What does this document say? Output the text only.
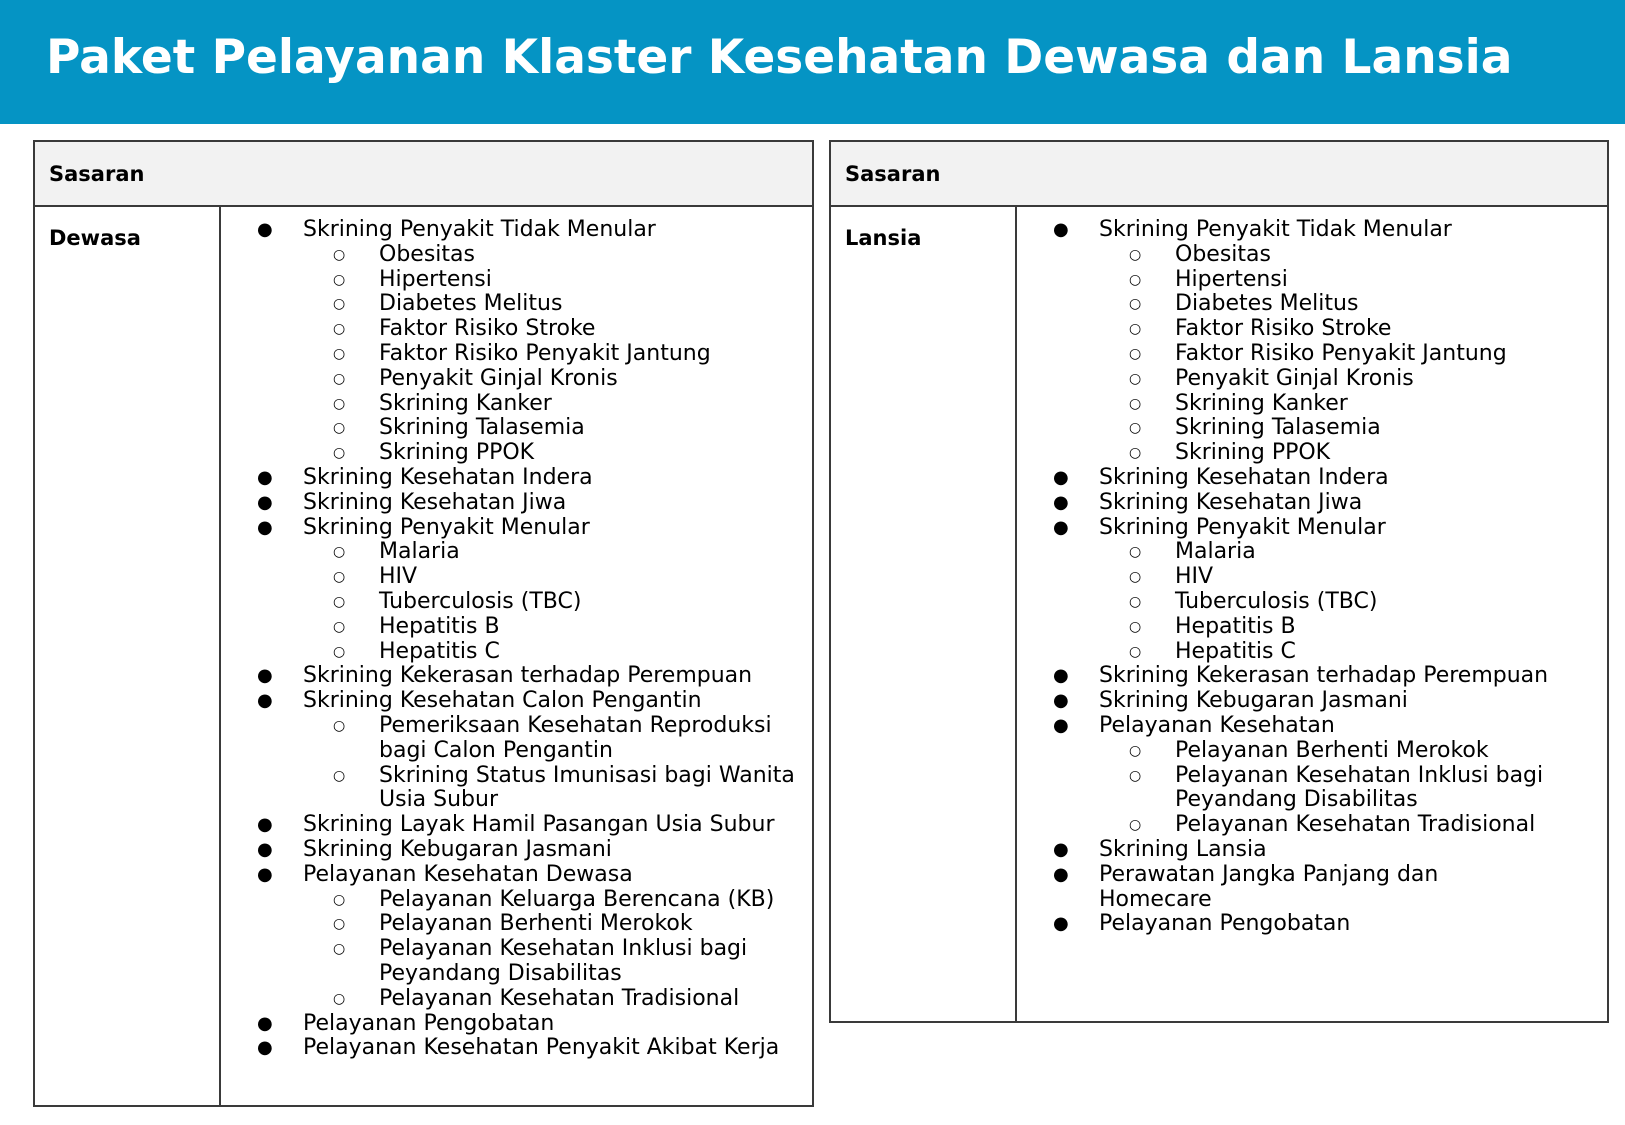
Paket Pelayanan Klaster Kesehatan Dewasa dan Lansia
Sasaran
Dewasa	● Skrining Penyakit Tidak Menular
○ Obesitas
○ Hipertensi
○ Diabetes Melitus
○ Faktor Risiko Stroke
○ Faktor Risiko Penyakit Jantung
○ Penyakit Ginjal Kronis
○ Skrining Kanker
○ Skrining Talasemia
○ Skrining PPOK
● Skrining Kesehatan Indera
● Skrining Kesehatan Jiwa
● Skrining Penyakit Menular
○ Malaria
○ HIV
○ Tuberculosis (TBC)
○ Hepatitis B
○ Hepatitis C
● Skrining Kekerasan terhadap Perempuan
● Skrining Kesehatan Calon Pengantin
○ Pemeriksaan Kesehatan Reproduksi bagi Calon Pengantin
○ Skrining Status Imunisasi bagi Wanita Usia Subur
● Skrining Layak Hamil Pasangan Usia Subur
● Skrining Kebugaran Jasmani
● Pelayanan Kesehatan Dewasa
○ Pelayanan Keluarga Berencana (KB)
○ Pelayanan Berhenti Merokok
○ Pelayanan Kesehatan Inklusi bagi Peyandang Disabilitas
○ Pelayanan Kesehatan Tradisional
● Pelayanan Pengobatan
● Pelayanan Kesehatan Penyakit Akibat Kerja
Sasaran
Lansia	● Skrining Penyakit Tidak Menular
○ Obesitas
○ Hipertensi
○ Diabetes Melitus
○ Faktor Risiko Stroke
○ Faktor Risiko Penyakit Jantung
○ Penyakit Ginjal Kronis
○ Skrining Kanker
○ Skrining Talasemia
○ Skrining PPOK
● Skrining Kesehatan Indera
● Skrining Kesehatan Jiwa
● Skrining Penyakit Menular
○ Malaria
○ HIV
○ Tuberculosis (TBC)
○ Hepatitis B
○ Hepatitis C
● Skrining Kekerasan terhadap Perempuan
● Skrining Kebugaran Jasmani
● Pelayanan Kesehatan
○ Pelayanan Berhenti Merokok
○ Pelayanan Kesehatan Inklusi bagi Peyandang Disabilitas
○ Pelayanan Kesehatan Tradisional
● Skrining Lansia
● Perawatan Jangka Panjang dan Homecare
● Pelayanan Pengobatan
